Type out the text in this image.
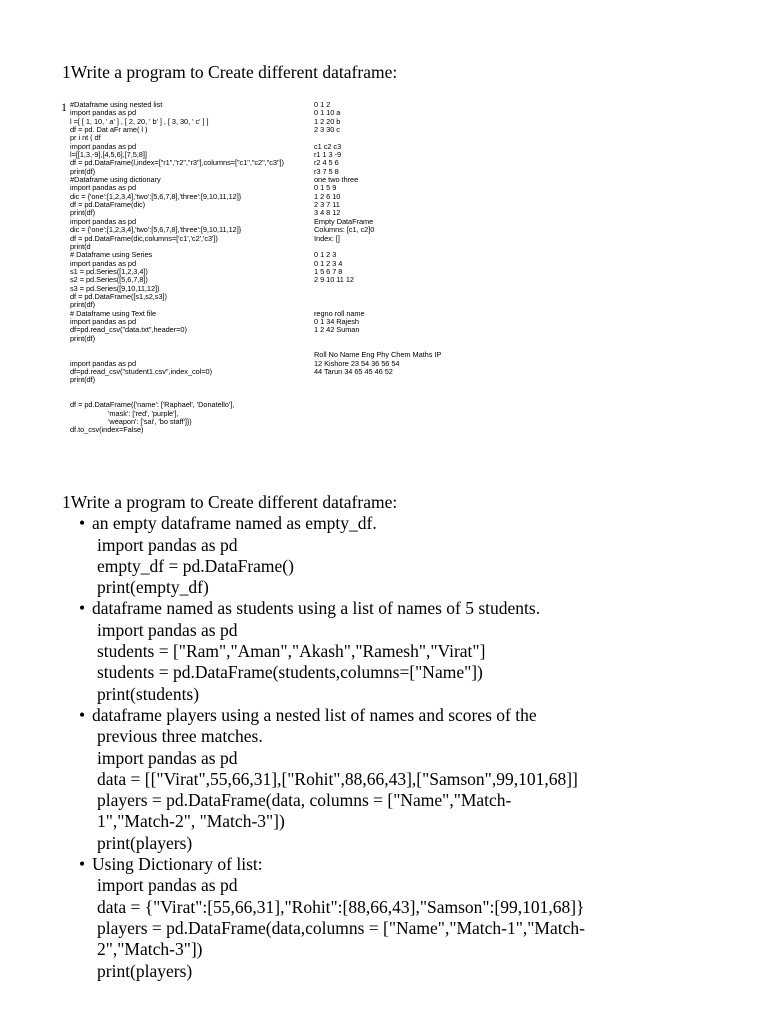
1Write a program to Create different dataframe:
1 #Dataframe using nested list
import pandas as pd
l =[ [ 1, 10, ' a' ] , [ 2, 20, ' b' ] , [ 3, 30, ' c' ] ]
df = pd. Dat aFr ame( l )
pr i nt ( df
import pandas as pd
l=[[1,3,-9],[4,5,6],[7,5,8]]
df = pd.DataFrame(l,index=["r1","r2","r3"],columns=["c1","c2","c3"])
print(df)
#Dataframe using dictionary
import pandas as pd
dic = {'one':[1,2,3,4],'two':[5,6,7,8],'three':[9,10,11,12]}
df = pd.DataFrame(dic)
print(df)
import pandas as pd
dic = {'one':[1,2,3,4],'two':[5,6,7,8],'three':[9,10,11,12]}
df = pd.DataFrame(dic,columns=['c1','c2','c3'])
print(d
# Dataframe using Series
import pandas as pd
s1 = pd.Series([1,2,3,4])
s2 = pd.Series([5,6,7,8])
s3 = pd.Series([9,10,11,12])
df = pd.DataFrame([s1,s2,s3])
print(df)
# Dataframe using Text file
import pandas as pd
df=pd.read_csv("data.txt",header=0)
print(df)
import pandas as pd
df=pd.read_csv("student1.csv",index_col=0)
print(df)
df = pd.DataFrame({'name': ['Raphael', 'Donatello'],
'mask': ['red', 'purple'],
'weapon': ['sai', 'bo staff']})
df.to_csv(index=False)
0 1 2
0 1 10 a
1 2 20 b
2 3 30 c
c1 c2 c3
r1 1 3 -9
r2 4 5 6
r3 7 5 8
one two three
0 1 5 9
1 2 6 10
2 3 7 11
3 4 8 12
Empty DataFrame
Columns: [c1, c2]0
Index: []
0 1 2 3
0 1 2 3 4
1 5 6 7 8
2 9 10 11 12
regno roll name
0 1 34 Rajesh
1 2 42 Suman
Roll No Name Eng Phy Chem Maths IP
12 Kishore 23 54 36 56 54
44 Tarun 34 65 45 46 52
1Write a program to Create different dataframe:
• an empty dataframe named as empty_df.
import pandas as pd
empty_df = pd.DataFrame()
print(empty_df)
• dataframe named as students using a list of names of 5 students.
import pandas as pd
students = ["Ram","Aman","Akash","Ramesh","Virat"]
students = pd.DataFrame(students,columns=["Name"])
print(students)
• dataframe players using a nested list of names and scores of the
previous three matches.
import pandas as pd
data = [["Virat",55,66,31],["Rohit",88,66,43],["Samson",99,101,68]]
players = pd.DataFrame(data, columns = ["Name","Match-
1","Match-2", "Match-3"])
print(players)
• Using Dictionary of list:
import pandas as pd
data = {"Virat":[55,66,31],"Rohit":[88,66,43],"Samson":[99,101,68]}
players = pd.DataFrame(data,columns = ["Name","Match-1","Match-
2","Match-3"])
print(players)
